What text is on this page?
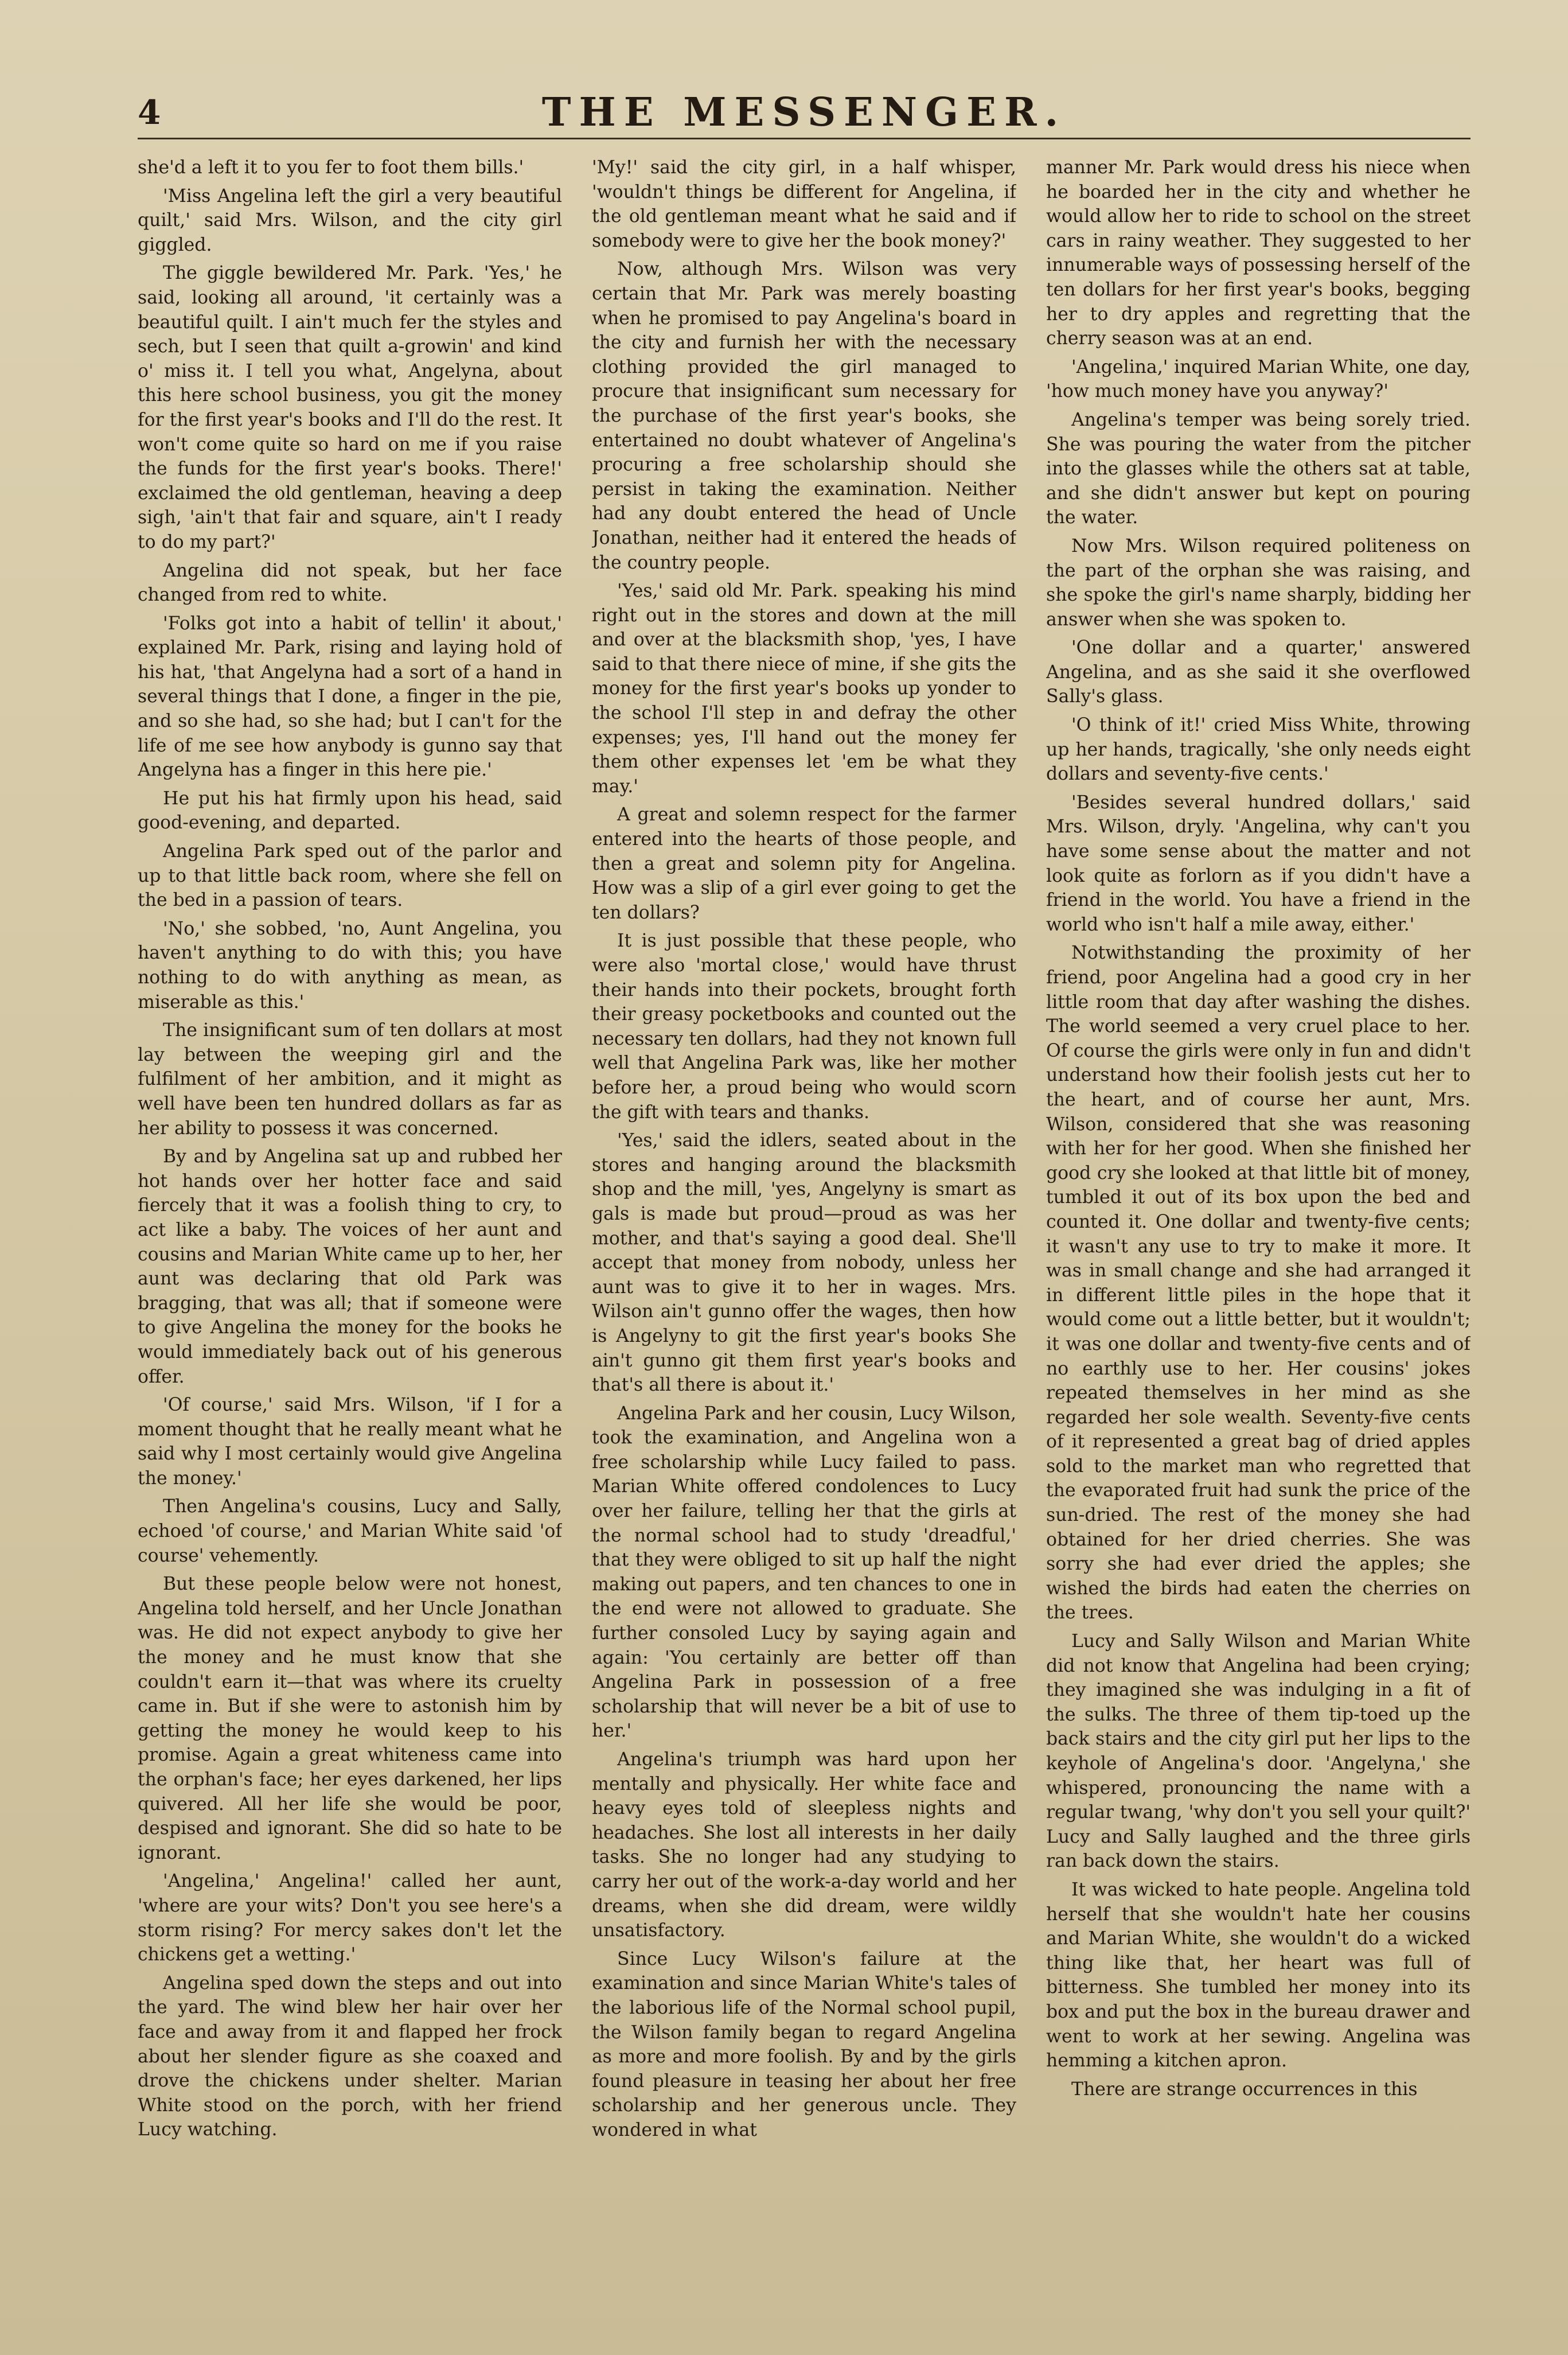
4	THE MESSENGER.

she'd a left it to you fer to foot them bills.'

'Miss Angelina left the girl a very beautiful quilt,' said Mrs. Wilson, and the city girl giggled.

The giggle bewildered Mr. Park. 'Yes,' he said, looking all around, 'it certainly was a beautiful quilt. I ain't much fer the styles and sech, but I seen that quilt a-growin' and kind o' miss it. I tell you what, Angelyna, about this here school business, you git the money for the first year's books and I'll do the rest. It won't come quite so hard on me if you raise the funds for the first year's books. There!' exclaimed the old gentleman, heaving a deep sigh, 'ain't that fair and square, ain't I ready to do my part?'

Angelina did not speak, but her face changed from red to white.

'Folks got into a habit of tellin' it about,' explained Mr. Park, rising and laying hold of his hat, 'that Angelyna had a sort of a hand in several things that I done, a finger in the pie, and so she had, so she had; but I can't for the life of me see how anybody is gunno say that Angelyna has a finger in this here pie.'

He put his hat firmly upon his head, said good-evening, and departed.

Angelina Park sped out of the parlor and up to that little back room, where she fell on the bed in a passion of tears.

'No,' she sobbed, 'no, Aunt Angelina, you haven't anything to do with this; you have nothing to do with anything as mean, as miserable as this.'

The insignificant sum of ten dollars at most lay between the weeping girl and the fulfilment of her ambition, and it might as well have been ten hundred dollars as far as her ability to possess it was concerned.

By and by Angelina sat up and rubbed her hot hands over her hotter face and said fiercely that it was a foolish thing to cry, to act like a baby. The voices of her aunt and cousins and Marian White came up to her, her aunt was declaring that old Park was bragging, that was all; that if someone were to give Angelina the money for the books he would immediately back out of his generous offer.

'Of course,' said Mrs. Wilson, 'if I for a moment thought that he really meant what he said why I most certainly would give Angelina the money.'

Then Angelina's cousins, Lucy and Sally, echoed 'of course,' and Marian White said 'of course' vehemently.

But these people below were not honest, Angelina told herself, and her Uncle Jonathan was. He did not expect anybody to give her the money and he must know that she couldn't earn it—that was where its cruelty came in. But if she were to astonish him by getting the money he would keep to his promise. Again a great whiteness came into the orphan's face; her eyes darkened, her lips quivered. All her life she would be poor, despised and ignorant. She did so hate to be ignorant.

'Angelina,' Angelina!' called her aunt, 'where are your wits? Don't you see here's a storm rising? For mercy sakes don't let the chickens get a wetting.'

Angelina sped down the steps and out into the yard. The wind blew her hair over her face and away from it and flapped her frock about her slender figure as she coaxed and drove the chickens under shelter. Marian White stood on the porch, with her friend Lucy watching.

'My!' said the city girl, in a half whisper, 'wouldn't things be different for Angelina, if the old gentleman meant what he said and if somebody were to give her the book money?'

Now, although Mrs. Wilson was very certain that Mr. Park was merely boasting when he promised to pay Angelina's board in the city and furnish her with the necessary clothing provided the girl managed to procure that insignificant sum necessary for the purchase of the first year's books, she entertained no doubt whatever of Angelina's procuring a free scholarship should she persist in taking the examination. Neither had any doubt entered the head of Uncle Jonathan, neither had it entered the heads of the country people.

'Yes,' said old Mr. Park. speaking his mind right out in the stores and down at the mill and over at the blacksmith shop, 'yes, I have said to that there niece of mine, if she gits the money for the first year's books up yonder to the school I'll step in and defray the other expenses; yes, I'll hand out the money fer them other expenses let 'em be what they may.'

A great and solemn respect for the farmer entered into the hearts of those people, and then a great and solemn pity for Angelina. How was a slip of a girl ever going to get the ten dollars?

It is just possible that these people, who were also 'mortal close,' would have thrust their hands into their pockets, brought forth their greasy pocketbooks and counted out the necessary ten dollars, had they not known full well that Angelina Park was, like her mother before her, a proud being who would scorn the gift with tears and thanks.

'Yes,' said the idlers, seated about in the stores and hanging around the blacksmith shop and the mill, 'yes, Angelyny is smart as gals is made but proud—proud as was her mother, and that's saying a good deal. She'll accept that money from nobody, unless her aunt was to give it to her in wages. Mrs. Wilson ain't gunno offer the wages, then how is Angelyny to git the first year's books She ain't gunno git them first year's books and that's all there is about it.'

Angelina Park and her cousin, Lucy Wilson, took the examination, and Angelina won a free scholarship while Lucy failed to pass. Marian White offered condolences to Lucy over her failure, telling her that the girls at the normal school had to study 'dreadful,' that they were obliged to sit up half the night making out papers, and ten chances to one in the end were not allowed to graduate. She further consoled Lucy by saying again and again: 'You certainly are better off than Angelina Park in possession of a free scholarship that will never be a bit of use to her.'

Angelina's triumph was hard upon her mentally and physically. Her white face and heavy eyes told of sleepless nights and headaches. She lost all interests in her daily tasks. She no longer had any studying to carry her out of the work-a-day world and her dreams, when she did dream, were wildly unsatisfactory.

Since Lucy Wilson's failure at the examination and since Marian White's tales of the laborious life of the Normal school pupil, the Wilson family began to regard Angelina as more and more foolish. By and by the girls found pleasure in teasing her about her free scholarship and her generous uncle. They wondered in what

manner Mr. Park would dress his niece when he boarded her in the city and whether he would allow her to ride to school on the street cars in rainy weather. They suggested to her innumerable ways of possessing herself of the ten dollars for her first year's books, begging her to dry apples and regretting that the cherry season was at an end.

'Angelina,' inquired Marian White, one day, 'how much money have you anyway?'

Angelina's temper was being sorely tried. She was pouring the water from the pitcher into the glasses while the others sat at table, and she didn't answer but kept on pouring the water.

Now Mrs. Wilson required politeness on the part of the orphan she was raising, and she spoke the girl's name sharply, bidding her answer when she was spoken to.

'One dollar and a quarter,' answered Angelina, and as she said it she overflowed Sally's glass.

'O think of it!' cried Miss White, throwing up her hands, tragically, 'she only needs eight dollars and seventy-five cents.'

'Besides several hundred dollars,' said Mrs. Wilson, dryly. 'Angelina, why can't you have some sense about the matter and not look quite as forlorn as if you didn't have a friend in the world. You have a friend in the world who isn't half a mile away, either.'

Notwithstanding the proximity of her friend, poor Angelina had a good cry in her little room that day after washing the dishes. The world seemed a very cruel place to her. Of course the girls were only in fun and didn't understand how their foolish jests cut her to the heart, and of course her aunt, Mrs. Wilson, considered that she was reasoning with her for her good. When she finished her good cry she looked at that little bit of money, tumbled it out of its box upon the bed and counted it. One dollar and twenty-five cents; it wasn't any use to try to make it more. It was in small change and she had arranged it in different little piles in the hope that it would come out a little better, but it wouldn't; it was one dollar and twenty-five cents and of no earthly use to her. Her cousins' jokes repeated themselves in her mind as she regarded her sole wealth. Seventy-five cents of it represented a great bag of dried apples sold to the market man who regretted that the evaporated fruit had sunk the price of the sun-dried. The rest of the money she had obtained for her dried cherries. She was sorry she had ever dried the apples; she wished the birds had eaten the cherries on the trees.

Lucy and Sally Wilson and Marian White did not know that Angelina had been crying; they imagined she was indulging in a fit of the sulks. The three of them tip-toed up the back stairs and the city girl put her lips to the keyhole of Angelina's door. 'Angelyna,' she whispered, pronouncing the name with a regular twang, 'why don't you sell your quilt?' Lucy and Sally laughed and the three girls ran back down the stairs.

It was wicked to hate people. Angelina told herself that she wouldn't hate her cousins and Marian White, she wouldn't do a wicked thing like that, her heart was full of bitterness. She tumbled her money into its box and put the box in the bureau drawer and went to work at her sewing. Angelina was hemming a kitchen apron.

There are strange occurrences in this
